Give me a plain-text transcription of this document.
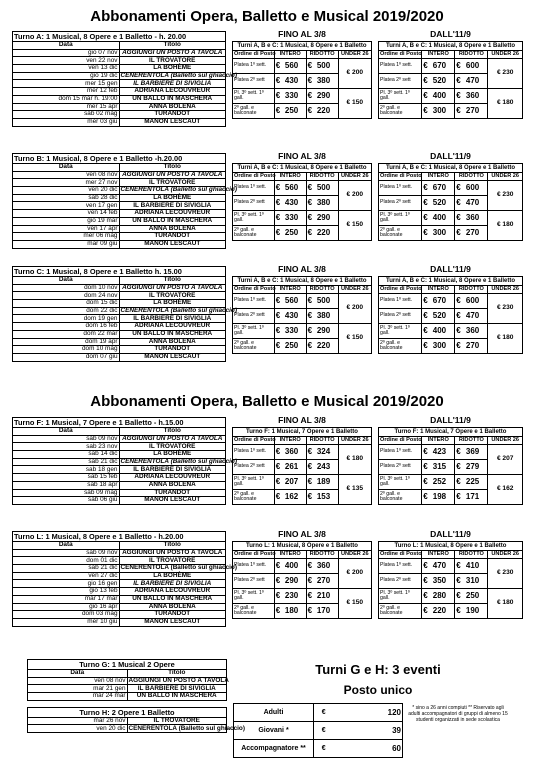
Abbonamenti Opera, Balletto e Musical 2019/2020
Turno A: 1 Musical, 8 Opere e 1 Balletto - h. 20.00	
Data	Titolo
gio 07 nov	AGGIUNGI UN POSTO A TAVOLA
ven 22 nov	IL TROVATORE
ven 13 dic	LA BOHÈME
gio 19 dic	CENERENTOLA (Balletto sul ghiaccio)
mer 15 gen	IL BARBIERE DI SIVIGLIA
mer 12 feb	ADRIANA LECOUVREUR
dom 15 mar h. 19:00	UN BALLO IN MASCHERA
mer 15 apr	ANNA BOLENA
sab 02 mag	TURANDOT
mer 03 giu	MANON LESCAUT
FINO AL 3/8	DALL'11/9
Turni A, B e C: 1 Musical, 8 Opere e 1 Balletto					
Ordine di Posto	INTERO		RIDOTTO		UNDER 26
Platea 1º sett.	€	560	€	500	€ 200
Platea 2º sett	€	430	€	380	
Pl. 3º sett. 1º gall.	€	330	€	290	€ 150
2º gall. e balconate	€	250	€	220	
Turni A, B e C: 1 Musical, 8 Opere e 1 Balletto					
Ordine di Posto	INTERO		RIDOTTO		UNDER 26
Platea 1º sett.	€	670	€	600	€ 230
Platea 2º sett	€	520	€	470	
Pl. 3º sett. 1º gall.	€	400	€	360	€ 180
2º gall. e balconate	€	300	€	270	
Turno B: 1 Musical, 8 Opere e 1 Balletto -h.20.00	
Data	Titolo
ven 08 nov	AGGIUNGI UN POSTO A TAVOLA
mer 27 nov	IL TROVATORE
ven 20 dic	CENERENTOLA (Balletto sul ghiaccio)
sab 28 dic	LA BOHÈME
ven 17 gen	IL BARBIERE DI SIVIGLIA
ven 14 feb	ADRIANA LECOUVREUR
gio 19 mar	UN BALLO IN MASCHERA
ven 17 apr	ANNA BOLENA
mer 06 mag	TURANDOT
mar 09 giu	MANON LESCAUT
FINO AL 3/8	DALL'11/9
Turni A, B e C: 1 Musical, 8 Opere e 1 Balletto					
Ordine di Posto	INTERO		RIDOTTO		UNDER 26
Platea 1º sett.	€	560	€	500	€ 200
Platea 2º sett	€	430	€	380	
Pl. 3º sett. 1º gall.	€	330	€	290	€ 150
2º gall. e balconate	€	250	€	220	
Turni A, B e C: 1 Musical, 8 Opere e 1 Balletto					
Ordine di Posto	INTERO		RIDOTTO		UNDER 26
Platea 1º sett.	€	670	€	600	€ 230
Platea 2º sett	€	520	€	470	
Pl. 3º sett. 1º gall.	€	400	€	360	€ 180
2º gall. e balconate	€	300	€	270	
Turno C: 1 Musical, 8 Opere e 1 Balletto h. 15.00	
Data	Titolo
dom 10 nov	AGGIUNGI UN POSTO A TAVOLA
dom 24 nov	IL TROVATORE
dom 15 dic	LA BOHÈME
dom 22 dic	CENERENTOLA (Balletto sul ghiaccio)
dom 19 gen	IL BARBIERE DI SIVIGLIA
dom 16 feb	ADRIANA LECOUVREUR
dom 22 mar	UN BALLO IN MASCHERA
dom 19 apr	ANNA BOLENA
dom 10 mag	TURANDOT
dom 07 giu	MANON LESCAUT
FINO AL 3/8	DALL'11/9
Turni A, B e C: 1 Musical, 8 Opere e 1 Balletto					
Ordine di Posto	INTERO		RIDOTTO		UNDER 26
Platea 1º sett.	€	560	€	500	€ 200
Platea 2º sett	€	430	€	380	
Pl. 3º sett. 1º gall.	€	330	€	290	€ 150
2º gall. e balconate	€	250	€	220	
Turni A, B e C: 1 Musical, 8 Opere e 1 Balletto					
Ordine di Posto	INTERO		RIDOTTO		UNDER 26
Platea 1º sett.	€	670	€	600	€ 230
Platea 2º sett	€	520	€	470	
Pl. 3º sett. 1º gall.	€	400	€	360	€ 180
2º gall. e balconate	€	300	€	270	
Abbonamenti Opera, Balletto e Musical 2019/2020
Turno F: 1 Musical, 7 Opere e 1 Balletto - h.15.00	
Data	Titolo
sab 09 nov	AGGIUNGI UN POSTO A TAVOLA
sab 23 nov	IL TROVATORE
sab 14 dic	LA BOHÈME
sab 21 dic	CENERENTOLA (Balletto sul ghiaccio)
sab 18 gen	IL BARBIERE DI SIVIGLIA
sab 15 feb	ADRIANA LECOUVREUR
sab 18 apr	ANNA BOLENA
sab 09 mag	TURANDOT
sab 06 giu	MANON LESCAUT
FINO AL 3/8	DALL'11/9
Turno F: 1 Musical, 7 Opere e 1 Balletto					
Ordine di Posto	INTERO		RIDOTTO		UNDER 26
Platea 1º sett.	€	360	€	324	€ 180
Platea 2º sett	€	261	€	243	
Pl. 3º sett. 1º gall.	€	207	€	189	€ 135
2º gall. e balconate	€	162	€	153	
Turno F: 1 Musical, 7 Opere e 1 Balletto					
Ordine di Posto	INTERO		RIDOTTO		UNDER 26
Platea 1º sett.	€	423	€	369	€ 207
Platea 2º sett	€	315	€	279	
Pl. 3º sett. 1º gall.	€	252	€	225	€ 162
2º gall. e balconate	€	198	€	171	
Turno L: 1 Musical, 8 Opere e 1 Balletto - h.20.00	
Data	Titolo
sab 09 nov	AGGIUNGI UN POSTO A TAVOLA
dom 01 dic	IL TROVATORE
sab 21 dic	CENERENTOLA (Balletto sul ghiaccio)
ven 27 dic	LA BOHÈME
gio 16 gen	IL BARBIERE DI SIVIGLIA
gio 13 feb	ADRIANA LECOUVREUR
mar 17 mar	UN BALLO IN MASCHERA
gio 16 apr	ANNA BOLENA
dom 03 mag	TURANDOT
mer 10 giu	MANON LESCAUT
FINO AL 3/8	DALL'11/9
Turno L: 1 Musical, 8 Opere e 1 Balletto					
Ordine di Posto	INTERO		RIDOTTO		UNDER 26
Platea 1º sett.	€	400	€	360	€ 200
Platea 2º sett	€	290	€	270	
Pl. 3º sett. 1º gall.	€	230	€	210	€ 150
2º gall. e balconate	€	180	€	170	
Turno L: 1 Musical, 8 Opere e 1 Balletto					
Ordine di Posto	INTERO		RIDOTTO		UNDER 26
Platea 1º sett.	€	470	€	410	€ 230
Platea 2º sett	€	350	€	310	
Pl. 3º sett. 1º gall.	€	280	€	250	€ 180
2º gall. e balconate	€	220	€	190	
Turno G: 1 Musical 2 Opere	
Data	Titolo
ven 08 nov	AGGIUNGI UN POSTO A TAVOLA
mar 21 gen	IL BARBIERE DI SIVIGLIA
mar 24 mar	UN BALLO IN MASCHERA
Turno H: 2 Opere 1 Balletto	
mar 26 nov	IL TROVATORE
ven 20 dic	CENERENTOLA (Balletto sul ghiaccio)
Turni G e H: 3 eventi
Posto unico
Adulti	€	120
Giovani *	€	39
Accompagnatore **	€	60
* sino a 26 anni compiuti ** Riservato agli adulti accompagnatori di gruppi di almeno 15 studenti organizzati in sede scolastica
